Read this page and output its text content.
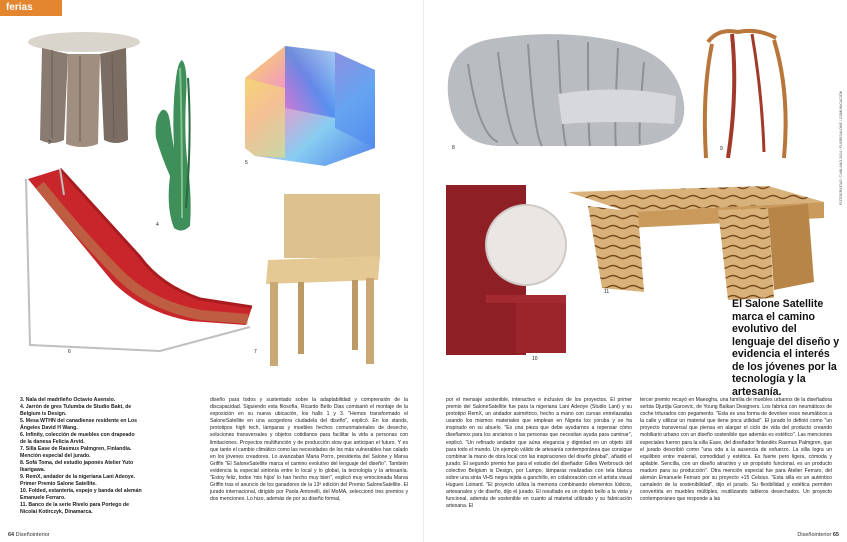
ferias
3
4
5
6	7
3. Nala del madrileño Octavio Asensio.
4. Jarrón de gres Tulumba de Studio Bakt, de Belgium is Design.
5. Mesa WTHN del canadiense residente en Los Ángeles David H Wang.
6. Infinity, colección de muebles con drapeado de la danesa Felicia Arvid.
7. Silla Ease de Rasmus Palmgren, Finlandia. Mención especial del jurado.
8. Sofá Toma, del estudio japonés Atelier Yuto Ikarigawa.
9. RemX, andador de la nigeriana Lani Adeoye. Primer Premio Salone Satellite.
10. Folded, estantería, espejo y banda del alemán Emanuele Ferraro.
11. Banco de la serie Rivelo para Portego de Nicolai Kotirczyk, Dinamarca.
diseño para todos y sustentado sobre la adaptabilidad y comprensión de la discapacidad. Siguiendo esta filosofía, Ricardo Bello Dias comisarió el montaje de la exposición en su nueva ubicación, los halls 1 y 3. "Hemos transformado el SaloneSatellite en una acogedora ciudadela del diseño", explicó. En los stands, prototipos high tech, lámparas y muebles hechos comunmateriales de desecho, soluciones transversales y objetos cotidianos para facilitar la vida a personas con limitaciones. Proyectos multifunción y de producción slow que anticipan el futuro. Y es que tanto el cambio climático como las necesidades de los más vulnerables han calado en los jóvenes creadores. Lo avanzaban Maria Porro, presidenta del Salone y Marva Griffin "El SaloneSatellite marca el camino evolutivo del lenguaje del diseño". También evidencia la especial sintonía entre lo local y lo global, la tecnología y la artesanía. "Estoy feliz, todos 'mis hijos' lo han hecho muy bien", explicó muy emocionada Marva Griffin tras el anuncio de los ganadores de la 13ª edición del Premio SaloneSatellite. El jurado internacional, dirigido por Paola Antonelli, del MoMA, seleccionó tres premios y dos menciones. Lo hizo, además de por su diseño formal,
64 Diseñointerior
8	9
10
11
El Salone Satellite marca el camino evolutivo del lenguaje del diseño y evidencia el interés de los jóvenes por la tecnología y la artesanía.
FOTOGRAFÍAS: © MILANO 2024 / FUORISALONE / COMUNICACIÓN
por el mensaje sostenible, interactivo e inclusivo de los proyectos. El primer premio del SaloneSatellite fue para la nigeriana Lani Adeoye (Studio Lani) y su prototipo RemX, un andador asimétrico, hecho a mano con curvas entrelazadas usando los mismos materiales que emplean en Nigeria los yoruba y se ha inspirado en su abuelo. "Es una pieza que debe ayudarnos a repensar cómo diseñamos para los ancianos o las personas que necesitan ayuda para caminar", explicó. "Un refinado andador que aúna elegancia y dignidad en un objeto útil para todo el mundo. Un ejemplo válido de artesanía contemporánea que consigue combinar la mano de obra local con las inspiraciones del diseño global", añadió el jurado. El segundo premio fue para el estudio del diseñador Gilles Werbrouck del colectivo Belgium is Design, por Lampo, lámparas realizadas con tela blanca sobre una sinta VHS negra tejida a ganchillo, en colaboración con el artista visual Hugues Loinard. "El proyecto utiliza la memoria combinando elementos lúdicos, artesanales y de diseño, dijo el jurado. El resultado es un objeto bello a la vista y funcional, además de sostenible en cuanto al material utilizado y su fabricación artesana. El
tercer premio recayó en Maeogha, una familia de muebles urbanos de la diseñadora serbia Djurdja Garcevic, de Young Balkan Designers. Los fabrica con neumáticos de coche triturados con pegamento. "Esta es una forma de devolver esos neumáticos a la calle y utilizar un material que tiene poca utilidad". El jurado lo definió como "un proyecto transversal que piensa en alargar el ciclo de vida del producto creando mobiliario urbano con un diseño sostenible que además es estético". Las menciones especiales fueron para la silla Ease, del diseñador finlandés Rasmus Palmgren, que el jurado describió como "una oda a la ausencia de esfuerzo. La silla logra un equilibrio entre material, comodidad y estética. Es fuerte pero ligera, cómoda y apilable. Sencilla, con un diseño atractivo y un propósito funcional, es un producto maduro para su producción". Otra mención especial fue para Atelier Ferraro, del alemán Emanuele Ferraro por su proyecto +15 Celsius. "Esta silla es un auténtico camaleón de la sostenibilidad", dijo el jurado. Su flexibilidad y estética permiten convertirla en muebles múltiples, reutilizando tableros desechados. Un proyecto contemporáneo que responde a las
Diseñointerior 65
